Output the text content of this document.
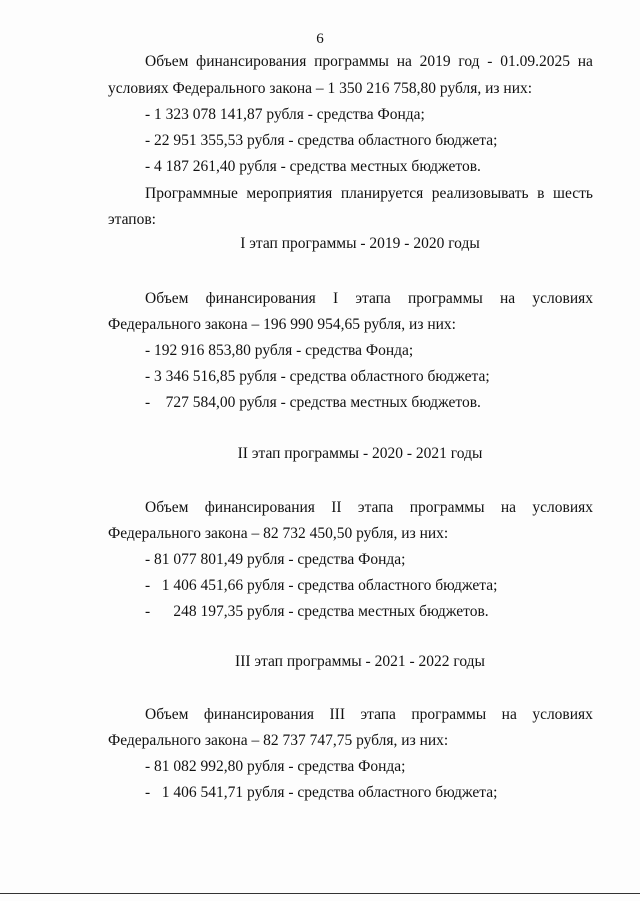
6
Объем финансирования программы на 2019 год - 01.09.2025 на
условиях Федерального закона – 1 350 216 758,80 рубля, из них:
- 1 323 078 141,87 рубля - средства Фонда;
- 22 951 355,53 рубля - средства областного бюджета;
- 4 187 261,40 рубля - средства местных бюджетов.
Программные мероприятия планируется реализовывать в шесть
этапов:
I этап программы - 2019 - 2020 годы
Объем финансирования I этапа программы на условиях
Федерального закона – 196 990 954,65 рубля, из них:
- 192 916 853,80 рубля - средства Фонда;
- 3 346 516,85 рубля - средства областного бюджета;
-    727 584,00 рубля - средства местных бюджетов.
II этап программы - 2020 - 2021 годы
Объем финансирования II этапа программы на условиях
Федерального закона – 82 732 450,50 рубля, из них:
- 81 077 801,49 рубля - средства Фонда;
-   1 406 451,66 рубля - средства областного бюджета;
-      248 197,35 рубля - средства местных бюджетов.
III этап программы - 2021 - 2022 годы
Объем финансирования III этапа программы на условиях
Федерального закона – 82 737 747,75 рубля, из них:
- 81 082 992,80 рубля - средства Фонда;
-   1 406 541,71 рубля - средства областного бюджета;
